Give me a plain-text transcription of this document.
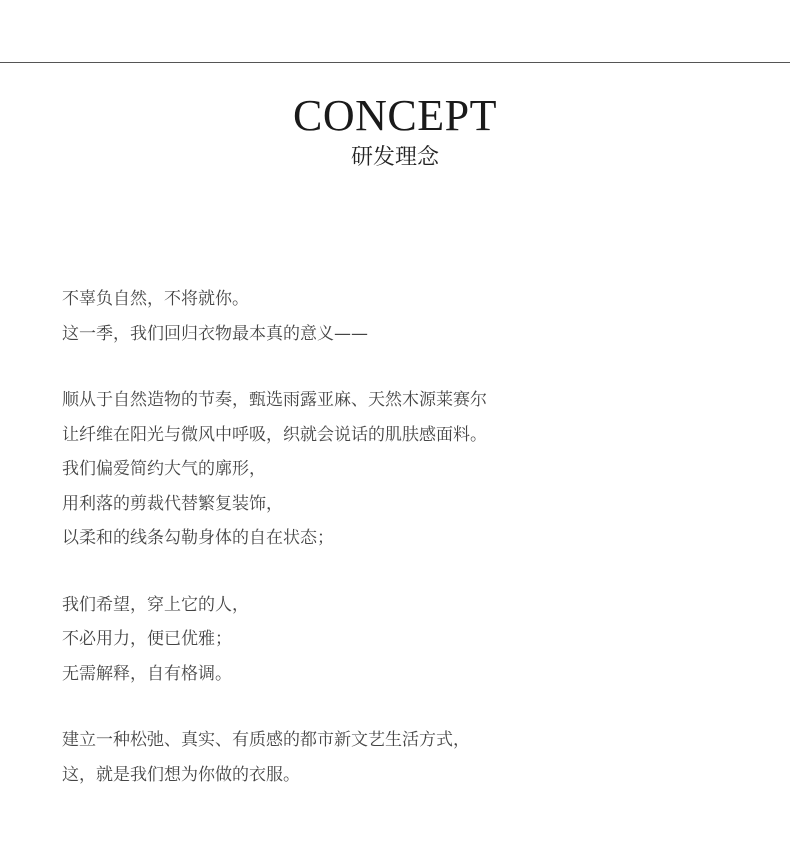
CONCEPT
研发理念
不辜负自然，不将就你。
这一季，我们回归衣物最本真的意义——
顺从于自然造物的节奏，甄选雨露亚麻、天然木源莱赛尔
让纤维在阳光与微风中呼吸，织就会说话的肌肤感面料。
我们偏爱简约大气的廓形，
用利落的剪裁代替繁复装饰，
以柔和的线条勾勒身体的自在状态；
我们希望，穿上它的人，
不必用力，便已优雅；
无需解释，自有格调。
建立一种松弛、真实、有质感的都市新文艺生活方式，
这，就是我们想为你做的衣服。
